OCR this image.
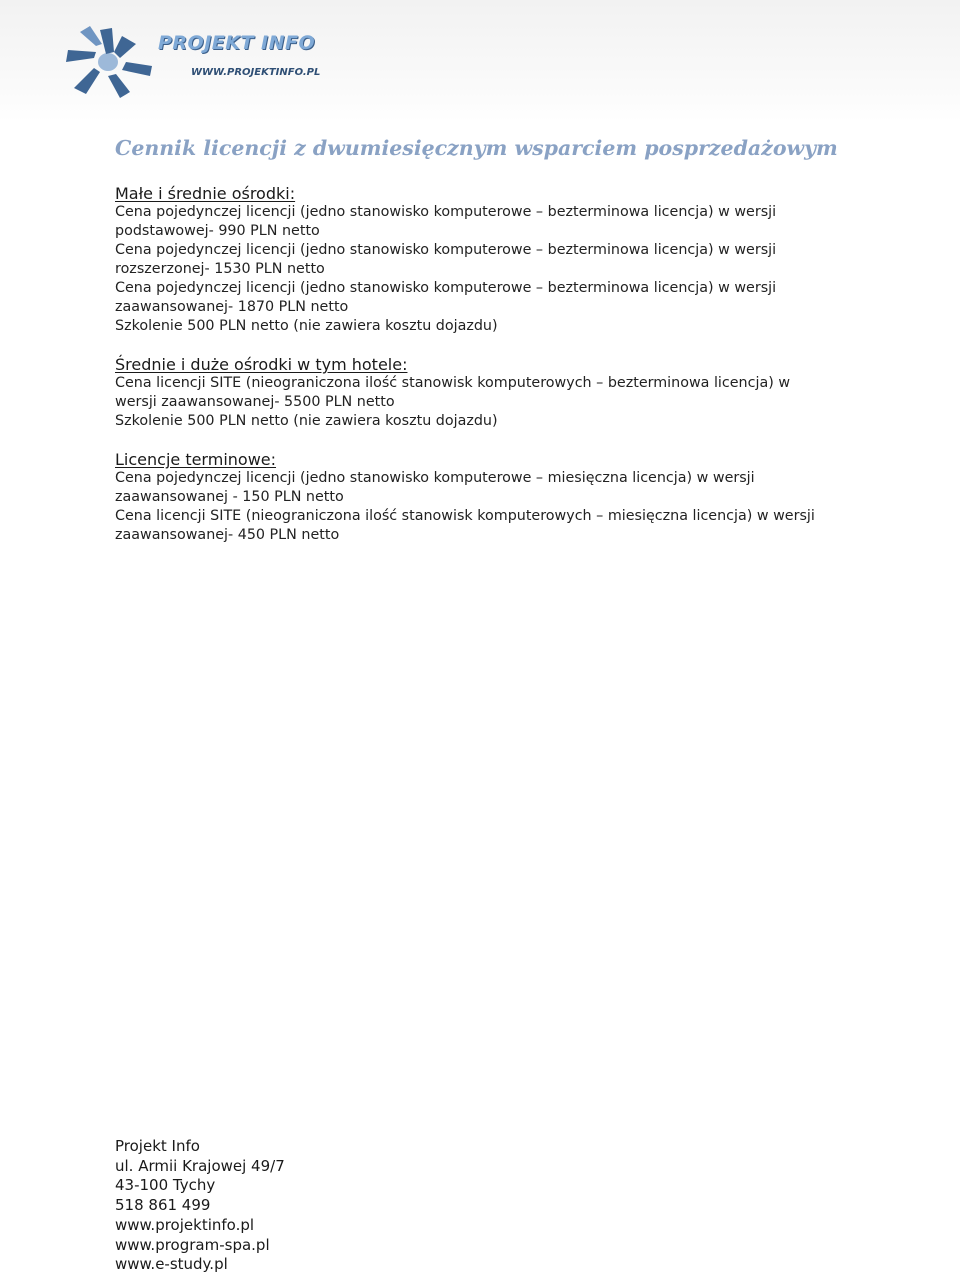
PROJEKT INFO
WWW.PROJEKTINFO.PL
Cennik licencji z dwumiesięcznym wsparciem posprzedażowym
Małe i średnie ośrodki:
Cena pojedynczej licencji (jedno stanowisko komputerowe – bezterminowa licencja) w wersji
podstawowej- 990 PLN netto
Cena pojedynczej licencji (jedno stanowisko komputerowe – bezterminowa licencja) w wersji
rozszerzonej- 1530 PLN netto
Cena pojedynczej licencji (jedno stanowisko komputerowe – bezterminowa licencja) w wersji
zaawansowanej- 1870 PLN netto
Szkolenie 500 PLN netto (nie zawiera kosztu dojazdu)
Średnie i duże ośrodki w tym hotele:
Cena licencji SITE (nieograniczona ilość stanowisk komputerowych – bezterminowa licencja) w
wersji zaawansowanej- 5500 PLN netto
Szkolenie 500 PLN netto (nie zawiera kosztu dojazdu)
Licencje terminowe:
Cena pojedynczej licencji (jedno stanowisko komputerowe – miesięczna licencja) w wersji
zaawansowanej - 150 PLN netto
Cena licencji SITE (nieograniczona ilość stanowisk komputerowych – miesięczna licencja) w wersji
zaawansowanej- 450 PLN netto
Projekt Info
ul. Armii Krajowej 49/7
43-100 Tychy
518 861 499
www.projektinfo.pl
www.program-spa.pl
www.e-study.pl
